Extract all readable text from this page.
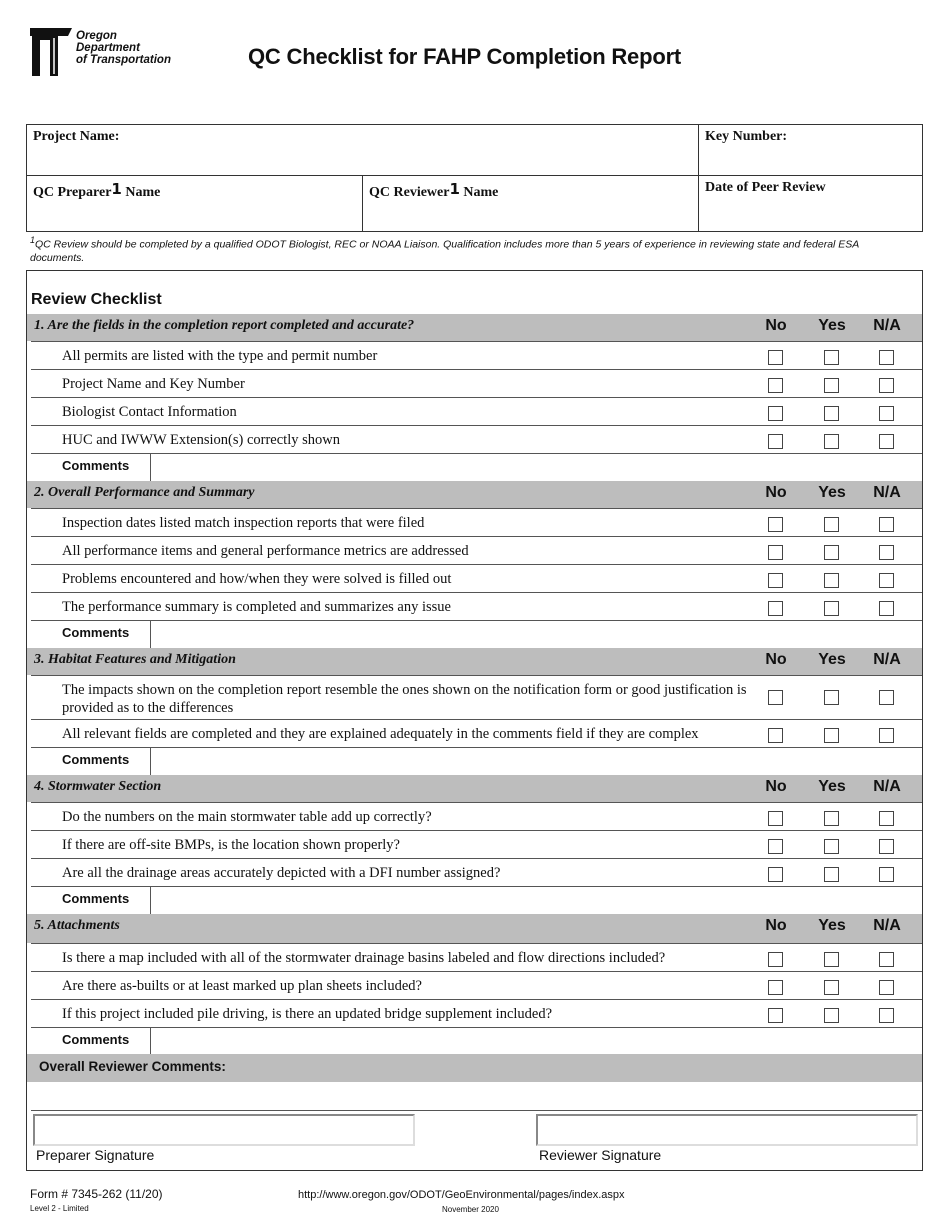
Oregon
Department
of Transportation	QC Checklist for FAHP Completion Report
Project Name:	Key Number:
QC Preparer1 Name	QC Reviewer1 Name	Date of Peer Review
$^1$QC Review should be completed by a qualified ODOT Biologist, REC or NOAA Liaison. Qualification includes more than 5 years of experience in reviewing state and federal ESA documents.
Review Checklist
1. Are the fields in the completion report completed and accurate?	No	Yes	N/A
All permits are listed with the type and permit number
Project Name and Key Number
Biologist Contact Information
HUC and IWWW Extension(s) correctly shown
Comments
2. Overall Performance and Summary	No	Yes	N/A
Inspection dates listed match inspection reports that were filed
All performance items and general performance metrics are addressed
Problems encountered and how/when they were solved is filled out
The performance summary is completed and summarizes any issue
Comments
3. Habitat Features and Mitigation	No	Yes	N/A
The impacts shown on the completion report resemble the ones shown on the notification form or good justification is provided as to the differences
All relevant fields are completed and they are explained adequately in the comments field if they are complex
Comments
4. Stormwater Section	No	Yes	N/A
Do the numbers on the main stormwater table add up correctly?
If there are off-site BMPs, is the location shown properly?
Are all the drainage areas accurately depicted with a DFI number assigned?
Comments
5. Attachments	No	Yes	N/A
Is there a map included with all of the stormwater drainage basins labeled and flow directions included?
Are there as-builts or at least marked up plan sheets included?
If this project included pile driving, is there an updated bridge supplement included?
Comments
Overall Reviewer Comments:
Preparer Signature	Reviewer Signature
Form # 7345-262 (11/20)
Level 2 - Limited
http://www.oregon.gov/ODOT/GeoEnvironmental/pages/index.aspx
November 2020
